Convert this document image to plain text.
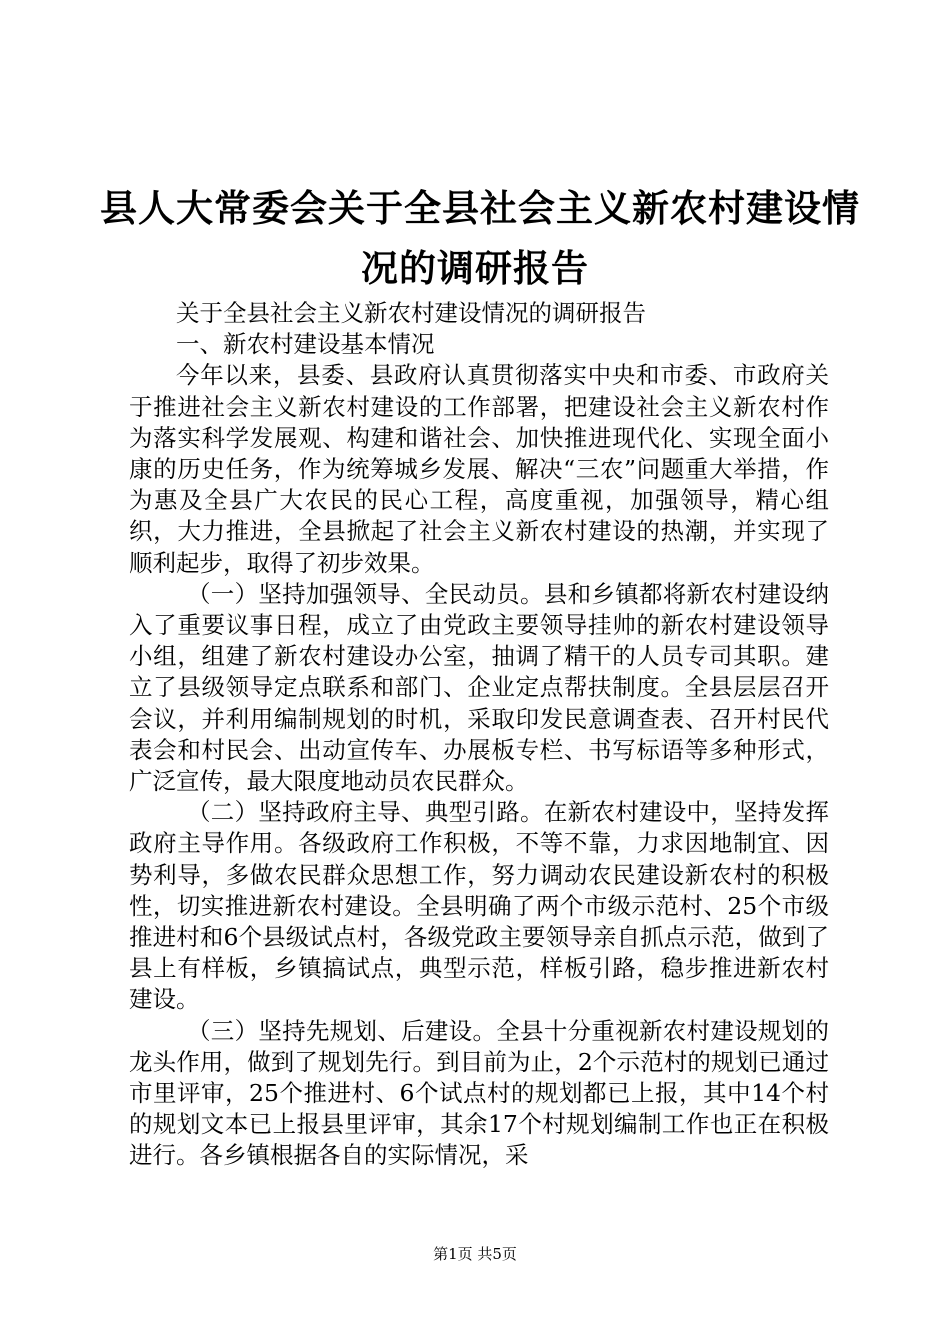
县人大常委会关于全县社会主义新农村建设情
况的调研报告

关于全县社会主义新农村建设情况的调研报告

一、新农村建设基本情况

今年以来，县委、县政府认真贯彻落实中央和市委、市政府关于推进社会主义新农村建设的工作部署，把建设社会主义新农村作为落实科学发展观、构建和谐社会、加快推进现代化、实现全面小康的历史任务，作为统筹城乡发展、解决“三农”问题重大举措，作为惠及全县广大农民的民心工程，高度重视，加强领导，精心组织，大力推进，全县掀起了社会主义新农村建设的热潮，并实现了顺利起步，取得了初步效果。

（一）坚持加强领导、全民动员。县和乡镇都将新农村建设纳入了重要议事日程，成立了由党政主要领导挂帅的新农村建设领导小组，组建了新农村建设办公室，抽调了精干的人员专司其职。建立了县级领导定点联系和部门、企业定点帮扶制度。全县层层召开会议，并利用编制规划的时机，采取印发民意调查表、召开村民代表会和村民会、出动宣传车、办展板专栏、书写标语等多种形式，广泛宣传，最大限度地动员农民群众。

（二）坚持政府主导、典型引路。在新农村建设中，坚持发挥政府主导作用。各级政府工作积极，不等不靠，力求因地制宜、因势利导，多做农民群众思想工作，努力调动农民建设新农村的积极性，切实推进新农村建设。全县明确了两个市级示范村、25个市级推进村和6个县级试点村，各级党政主要领导亲自抓点示范，做到了县上有样板，乡镇搞试点，典型示范，样板引路，稳步推进新农村建设。

（三）坚持先规划、后建设。全县十分重视新农村建设规划的龙头作用，做到了规划先行。到目前为止，2个示范村的规划已通过市里评审，25个推进村、6个试点村的规划都已上报，其中14个村的规划文本已上报县里评审，其余17个村规划编制工作也正在积极进行。各乡镇根据各自的实际情况，采

第1页 共5页
